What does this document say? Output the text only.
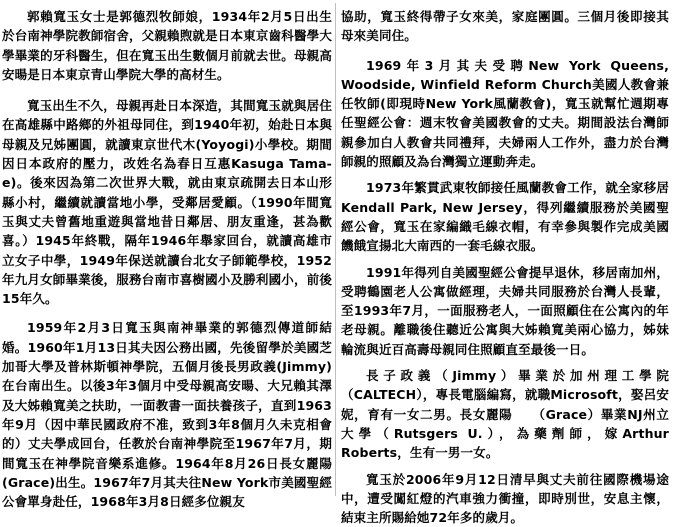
郭賴寬玉女士是郭德烈牧師娘，1934年2月5日出生於台南神學院教師宿舍，父親賴煦就是日本東京齒科醫學大學畢業的牙科醫生，但在寬玉出生數個月前就去世。母親高安暘是日本東京青山學院大學的高材生。

寬玉出生不久，母親再赴日本深造，其間寬玉就與居住在高雄縣中路鄉的外祖母同住，到1940年初，始赴日本與母親及兄姊團圓，就讀東京世代木(Yoyogi)小學校。期間因日本政府的壓力，改姓名為春日互惠Kasuga Tama-e)。後來因為第二次世界大戰，就由東京疏開去日本山形縣小村，繼續就讀當地小學，受鄰居愛顧。（1990年間寬玉與丈夫曾舊地重遊與當地昔日鄰居、朋友重逢，甚為歡喜。）1945年終戰，隔年1946年舉家回台，就讀高雄市立女子中學，1949年保送就讀台北女子師範學校，1952年九月女師畢業後，服務台南市喜樹國小及勝利國小，前後15年久。

1959年2月3日寬玉與南神畢業的郭德烈傳道師結婚。1960年1月13日其夫因公務出國，先後留學於美國芝加哥大學及普林斯頓神學院，五個月後長男政義(Jimmy)在台南出生。以後3年3個月中受母親高安暘、大兄賴其澤及大姊賴寬美之扶助，一面教書一面扶養孩子，直到1963年9月（因中華民國政府不准，致到3年8個月久未克相會的）丈夫學成回台，任教於台南神學院至1967年7月，期間寬玉在神學院音樂系進修。1964年8月26日長女麗陽(Grace)出生。1967年7月其夫往New York市美國聖經公會單身赴任，1968年3月8日經多位親友

協助，寬玉終得帶子女來美，家庭團圓。三個月後即接其母來美同住。

1969年3月其夫受聘New York Queens, Woodside, Winfield Reform Church美國人教會兼任牧師(即現時New York風蘭教會)，寬玉就幫忙週期專任聖經公會：週末牧會美國教會的丈夫。期間設法台灣師親參加白人教會共同禮拜，夫婦兩人工作外，盡力於台灣師親的照顧及為台灣獨立運動奔走。

1973年繁貫武東牧師接任風蘭教會工作，就全家移居Kendall Park, New Jersey，得列繼續服務於美國聖經公會，寬玉在家編織毛線衣帽，有幸參與製作完成美國饑餓宣揚北大南西的一套毛線衣服。

1991年得列自美國聖經公會提早退休，移居南加州，受聘鶴園老人公寓做經理，夫婦共同服務於台灣人長輩，至1993年7月，一面服務老人，一面照顧住在公寓內的年老母親。離職後住聽近公寓與大姊賴寬美兩心協力，姊妹輪流與近百高壽母親同住照顧直至最後一日。

長子政義（Jimmy）畢業於加州理工學院（CALTECH），專長電腦編寫，就職Microsoft，娶呂安妮，育有一女二男。長女麗陽　　（Grace）畢業NJ州立大學（Rutsgers U.），為藥劑師，嫁Arthur Roberts，生有一男一女。

寬玉於2006年9月12日清早與丈夫前往國際機場途中，遭受闖紅燈的汽車強力衝撞，即時別世，安息主懷，結束主所賜給她72年多的歲月。
